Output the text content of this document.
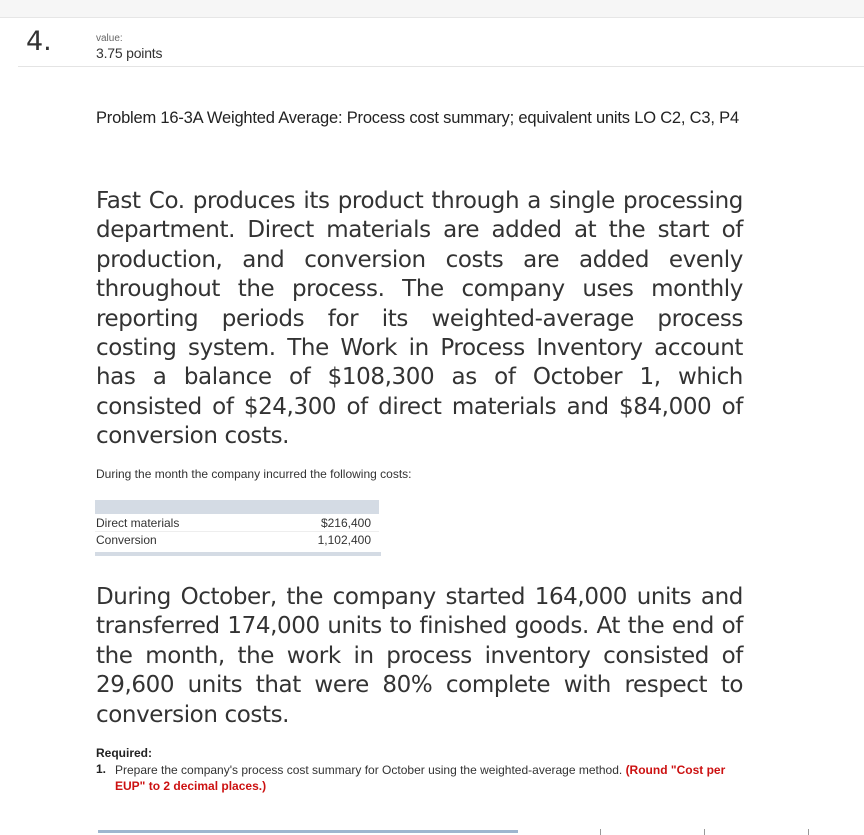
4.	value:
3.75 points
Problem 16-3A Weighted Average: Process cost summary; equivalent units LO C2, C3, P4
Fast Co. produces its product through a single processing department. Direct materials are added at the start of production, and conversion costs are added evenly throughout the process. The company uses monthly reporting periods for its weighted-average process costing system. The Work in Process Inventory account has a balance of $108,300 as of October 1, which consisted of $24,300 of direct materials and $84,000 of conversion costs.
During the month the company incurred the following costs:
Direct materials	$216,400
Conversion	1,102,400
During October, the company started 164,000 units and transferred 174,000 units to finished goods. At the end of the month, the work in process inventory consisted of 29,600 units that were 80% complete with respect to conversion costs.
Required:
1. Prepare the company's process cost summary for October using the weighted-average method. (Round "Cost per EUP" to 2 decimal places.)
